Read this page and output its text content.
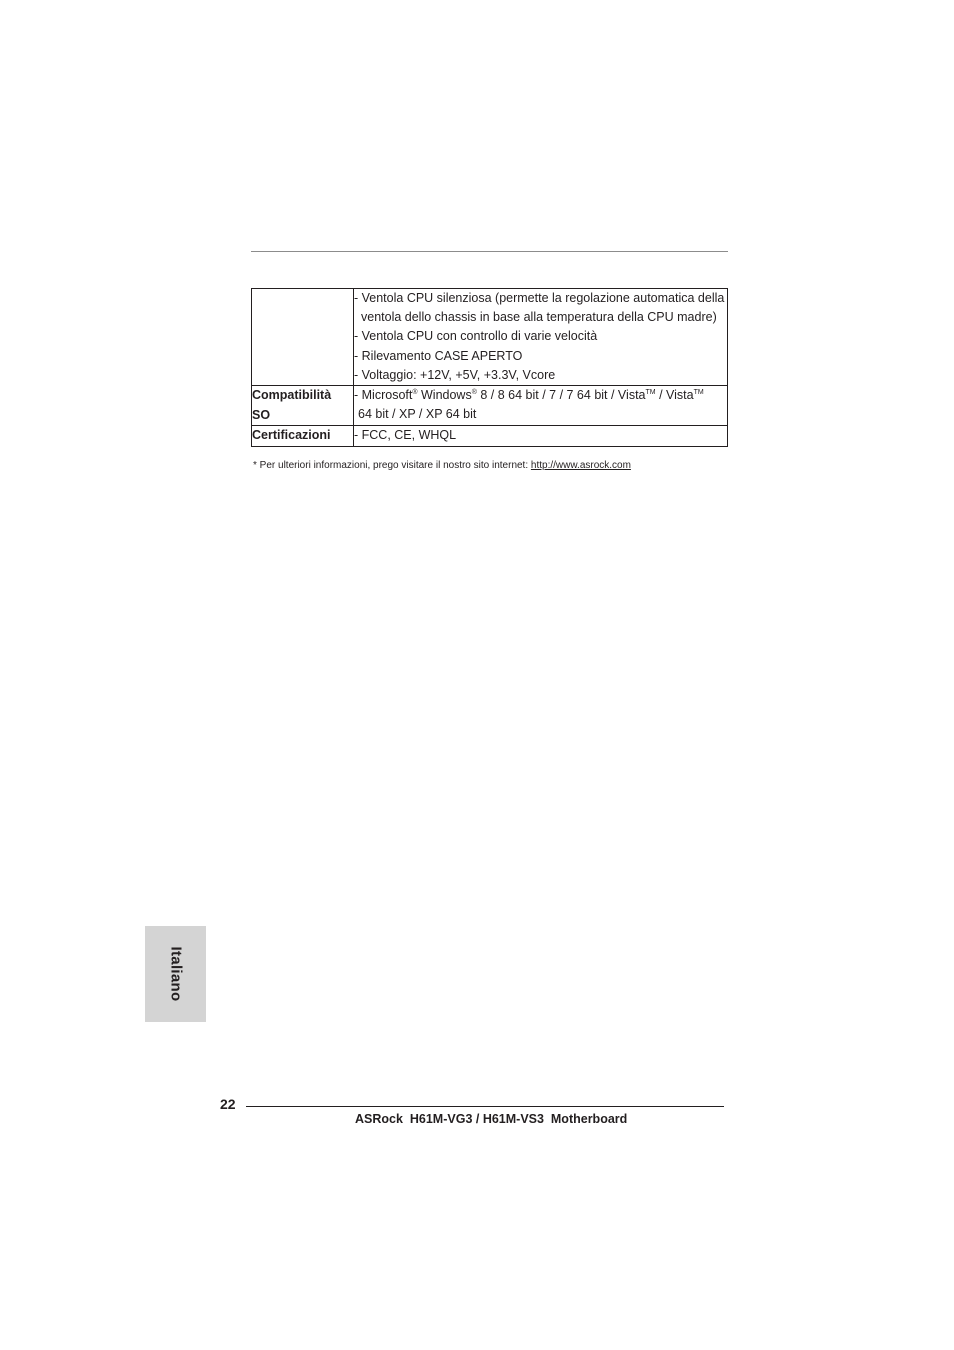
	- Ventola CPU silenziosa (permette la regolazione automatica della ventola dello chassis in base alla temperatura della CPU madre)
- Ventola CPU con controllo di varie velocità
- Rilevamento CASE APERTO
- Voltaggio: +12V, +5V, +3.3V, Vcore

Compatibilità
SO	- Microsoft® Windows® 8 / 8 64 bit / 7 / 7 64 bit / Vista™ / Vista™
64 bit / XP / XP 64 bit

Certificazioni	- FCC, CE, WHQL
* Per ulteriori informazioni, prego visitare il nostro sito internet: http://www.asrock.com
Italiano
22
ASRock  H61M-VG3 / H61M-VS3  Motherboard
